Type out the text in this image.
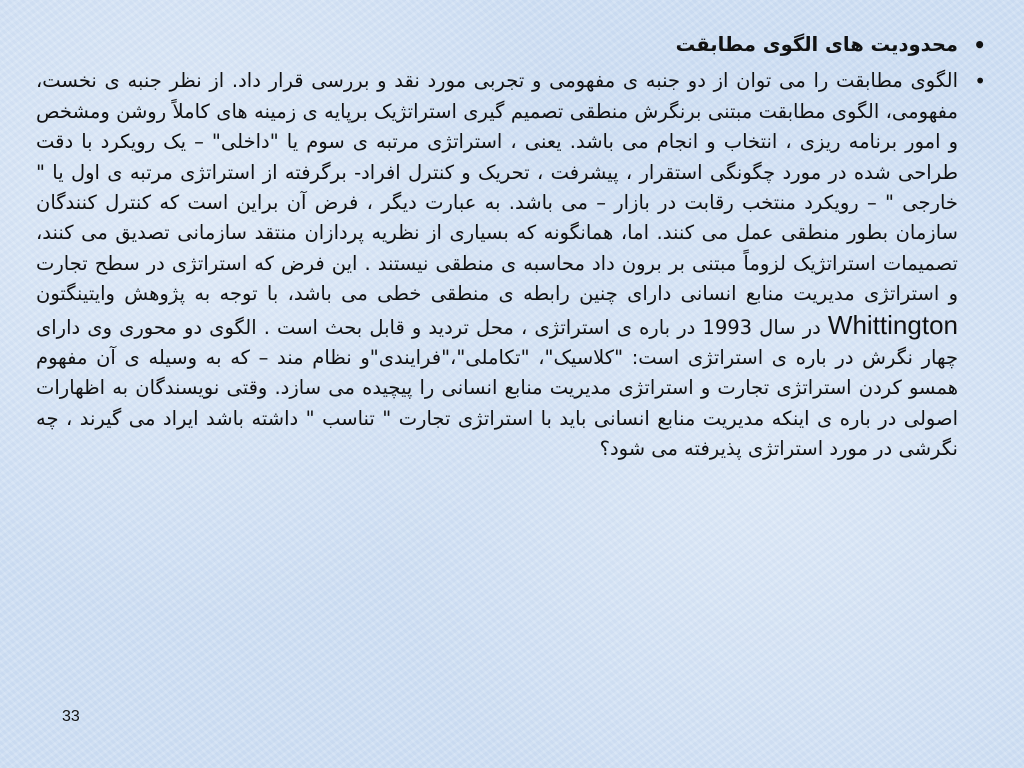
•
محدودیت های الگوی مطابقت
•
الگوی مطابقت را می توان از دو جنبه ی مفهومی و تجربی مورد نقد و بررسی قرار داد. از نظر جنبه ی نخست، مفهومی، الگوی مطابقت مبتنی برنگرش منطقی تصمیم گیری استراتژیک برپایه ی زمینه های کاملاً روشن ومشخص و امور برنامه ریزی ، انتخاب و انجام می باشد. یعنی ، استراتژی مرتبه ی سوم یا "داخلی" – یک رویکرد با دقت طراحی شده در مورد چگونگی استقرار ، پیشرفت ، تحریک و کنترل افراد- برگرفته از استراتژی مرتبه ی اول یا " خارجی " – رویکرد منتخب رقابت در بازار – می باشد. به عبارت دیگر ، فرض آن براین است که کنترل کنندگان سازمان بطور منطقی عمل می کنند. اما، همانگونه که بسیاری از نظریه پردازان منتقد سازمانی تصدیق می کنند، تصمیمات استراتژیک لزوماً مبتنی بر برون داد محاسبه ی منطقی نیستند . این فرض که استراتژی در سطح تجارت و استراتژی مدیریت منابع انسانی دارای چنین رابطه ی منطقی خطی می باشد، با توجه به پژوهش وایتینگتون Whittington در سال 1993 در باره ی استراتژی ، محل تردید و قابل بحث است . الگوی دو محوری وی دارای چهار نگرش در باره ی استراتژی است: "کلاسیک"، "تکاملی"،"فرایندی"و نظام مند – که به وسیله ی آن مفهوم همسو کردن استراتژی تجارت و استراتژی مدیریت منابع انسانی را پیچیده می سازد. وقتی نویسندگان به اظهارات اصولی در باره ی اینکه مدیریت منابع انسانی باید با استراتژی تجارت " تناسب " داشته باشد ایراد می گیرند ، چه نگرشی در مورد استراتژی پذیرفته می شود؟
33
